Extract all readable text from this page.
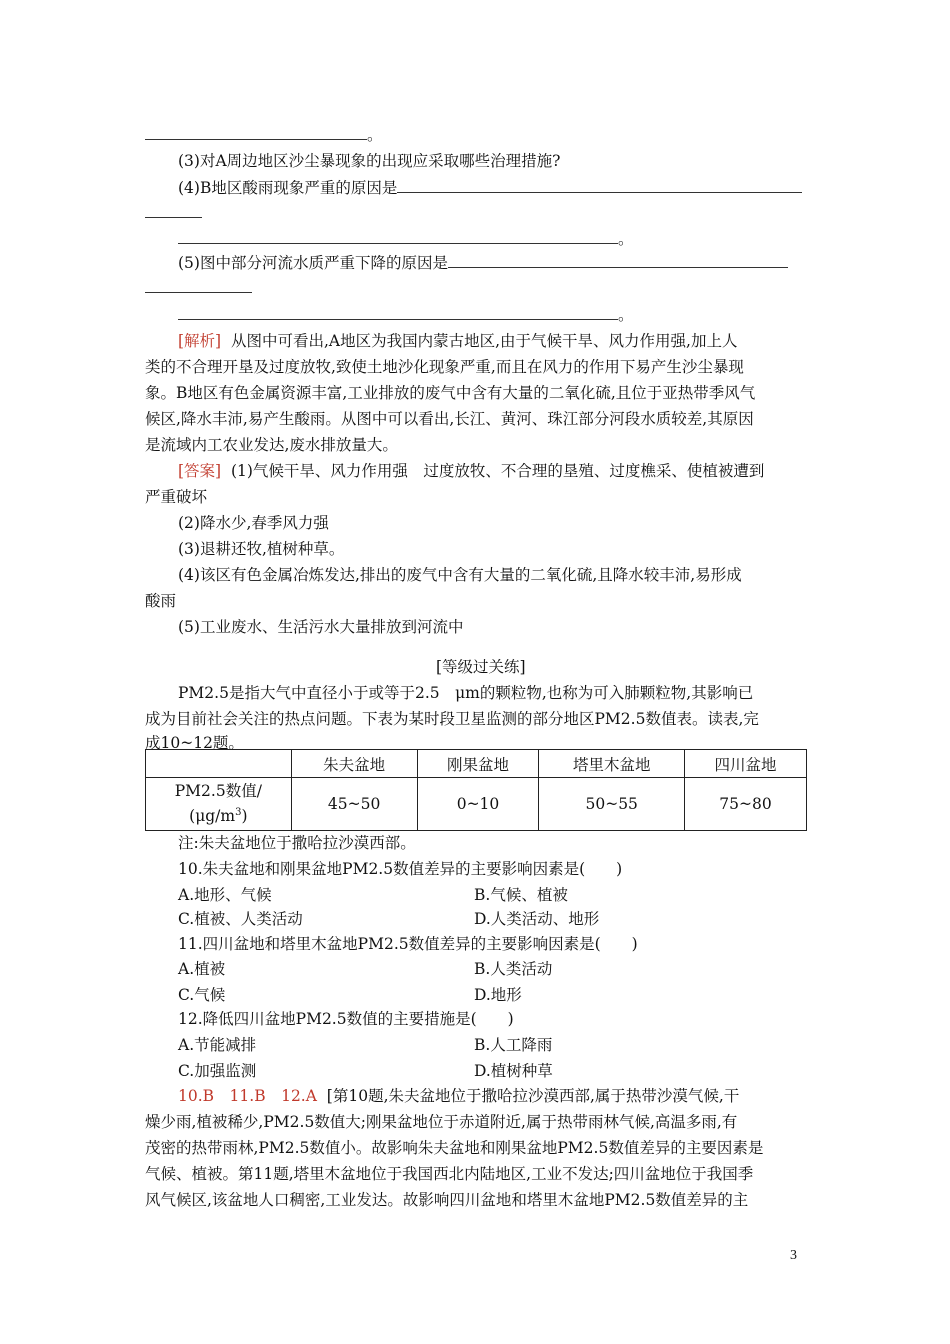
。
(3)对A周边地区沙尘暴现象的出现应采取哪些治理措施?
(4)B地区酸雨现象严重的原因是
。
(5)图中部分河流水质严重下降的原因是
。
[解析] 从图中可看出,A地区为我国内蒙古地区,由于气候干旱、风力作用强,加上人
类的不合理开垦及过度放牧,致使土地沙化现象严重,而且在风力的作用下易产生沙尘暴现
象。B地区有色金属资源丰富,工业排放的废气中含有大量的二氧化硫,且位于亚热带季风气
候区,降水丰沛,易产生酸雨。从图中可以看出,长江、黄河、珠江部分河段水质较差,其原因
是流域内工农业发达,废水排放量大。
[答案] (1)气候干旱、风力作用强　过度放牧、不合理的垦殖、过度樵采、使植被遭到
严重破坏
(2)降水少,春季风力强
(3)退耕还牧,植树种草。
(4)该区有色金属冶炼发达,排出的废气中含有大量的二氧化硫,且降水较丰沛,易形成
酸雨
(5)工业废水、生活污水大量排放到河流中
[等级过关练]
PM2.5是指大气中直径小于或等于2.5　μm的颗粒物,也称为可入肺颗粒物,其影响已
成为目前社会关注的热点问题。下表为某时段卫星监测的部分地区PM2.5数值表。读表,完
成10~12题。
	朱夫盆地	刚果盆地	塔里木盆地	四川盆地
PM2.5数值/
$(\mu g/m^3)$	45~50	0~10	50~55	75~80
注:朱夫盆地位于撒哈拉沙漠西部。
10.朱夫盆地和刚果盆地PM2.5数值差异的主要影响因素是(　　)
A.地形、气候	B.气候、植被
C.植被、人类活动	D.人类活动、地形
11.四川盆地和塔里木盆地PM2.5数值差异的主要影响因素是(　　)
A.植被	B.人类活动
C.气候	D.地形
12.降低四川盆地PM2.5数值的主要措施是(　　)
A.节能减排	B.人工降雨
C.加强监测	D.植树种草
10.B　11.B　12.A [第10题,朱夫盆地位于撒哈拉沙漠西部,属于热带沙漠气候,干
燥少雨,植被稀少,PM2.5数值大;刚果盆地位于赤道附近,属于热带雨林气候,高温多雨,有
茂密的热带雨林,PM2.5数值小。故影响朱夫盆地和刚果盆地PM2.5数值差异的主要因素是
气候、植被。第11题,塔里木盆地位于我国西北内陆地区,工业不发达;四川盆地位于我国季
风气候区,该盆地人口稠密,工业发达。故影响四川盆地和塔里木盆地PM2.5数值差异的主
3
